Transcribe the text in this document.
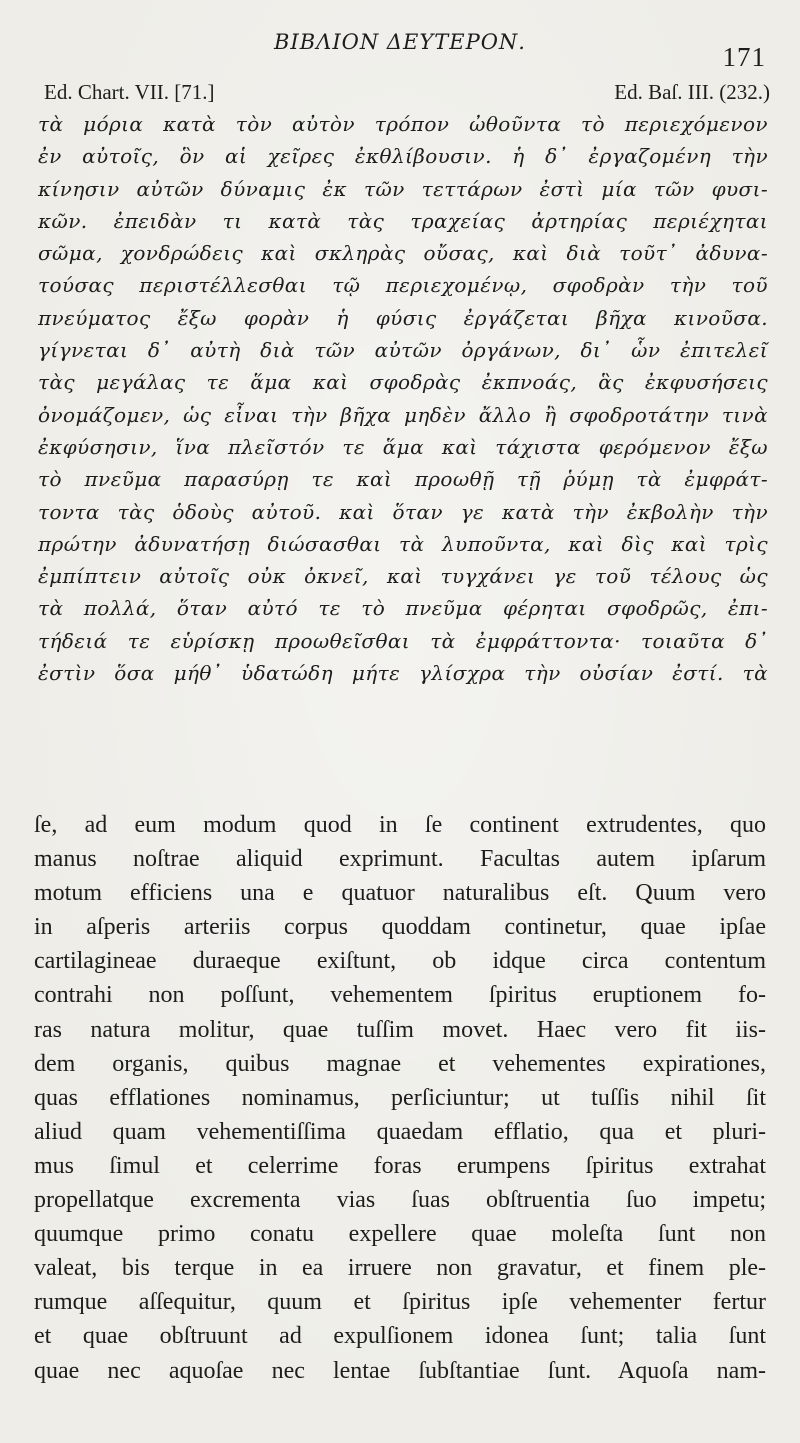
ΒΙΒΛΙΟΝ ΔΕΥΤΕΡΟΝ.	171
Ed. Chart. VII. [71.]	Ed. Baſ. III. (232.)
τὰ μόρια κατὰ τὸν αὐτὸν τρόπον ὠθοῦντα τὸ περιεχόμενον
ἐν αὐτοῖς, ὃν αἱ χεῖρες ἐκθλίβουσιν. ἡ δ᾽ ἐργαζομένη τὴν
κίνησιν αὐτῶν δύναμις ἐκ τῶν τεττάρων ἐστὶ μία τῶν φυσι-
κῶν. ἐπειδὰν τι κατὰ τὰς τραχείας ἀρτηρίας περιέχηται
σῶμα, χονδρώδεις καὶ σκληρὰς οὔσας, καὶ διὰ τοῦτ᾽ ἀδυνα-
τούσας περιστέλλεσθαι τῷ περιεχομένῳ, σφοδρὰν τὴν τοῦ
πνεύματος ἔξω φορὰν ἡ φύσις ἐργάζεται βῆχα κινοῦσα.
γίγνεται δ᾽ αὐτὴ διὰ τῶν αὐτῶν ὀργάνων, δι᾽ ὧν ἐπιτελεῖ
τὰς μεγάλας τε ἅμα καὶ σφοδρὰς ἐκπνοάς, ἃς ἐκφυσήσεις
ὀνομάζομεν, ὡς εἶναι τὴν βῆχα μηδὲν ἄλλο ἢ σφοδροτάτην τινὰ
ἐκφύσησιν, ἵνα πλεῖστόν τε ἅμα καὶ τάχιστα φερόμενον ἔξω
τὸ πνεῦμα παρασύρῃ τε καὶ προωθῇ τῇ ῥύμῃ τὰ ἐμφράτ-
τοντα τὰς ὁδοὺς αὐτοῦ. καὶ ὅταν γε κατὰ τὴν ἐκβολὴν τὴν
πρώτην ἀδυνατήσῃ διώσασθαι τὰ λυποῦντα, καὶ δὶς καὶ τρὶς
ἐμπίπτειν αὐτοῖς οὐκ ὀκνεῖ, καὶ τυγχάνει γε τοῦ τέλους ὡς
τὰ πολλά, ὅταν αὐτό τε τὸ πνεῦμα φέρηται σφοδρῶς, ἐπι-
τήδειά τε εὑρίσκῃ προωθεῖσθαι τὰ ἐμφράττοντα· τοιαῦτα δ᾽
ἐστὶν ὅσα μήθ᾽ ὑδατώδη μήτε γλίσχρα τὴν οὐσίαν ἐστί. τὰ
ſe, ad eum modum quod in ſe continent extrudentes, quo
manus noſtrae aliquid exprimunt. Facultas autem ipſarum
motum efficiens una e quatuor naturalibus eſt. Quum vero
in aſperis arteriis corpus quoddam continetur, quae ipſae
cartilagineae duraeque exiſtunt, ob idque circa contentum
contrahi non poſſunt, vehementem ſpiritus eruptionem fo-
ras natura molitur, quae tuſſim movet. Haec vero fit iis-
dem organis, quibus magnae et vehementes expirationes,
quas efflationes nominamus, perſiciuntur; ut tuſſis nihil ſit
aliud quam vehementiſſima quaedam efflatio, qua et pluri-
mus ſimul et celerrime foras erumpens ſpiritus extrahat
propellatque excrementa vias ſuas obſtruentia ſuo impetu;
quumque primo conatu expellere quae moleſta ſunt non
valeat, bis terque in ea irruere non gravatur, et finem ple-
rumque aſſequitur, quum et ſpiritus ipſe vehementer fertur
et quae obſtruunt ad expulſionem idonea ſunt; talia ſunt
quae nec aquoſae nec lentae ſubſtantiae ſunt. Aquoſa nam-
